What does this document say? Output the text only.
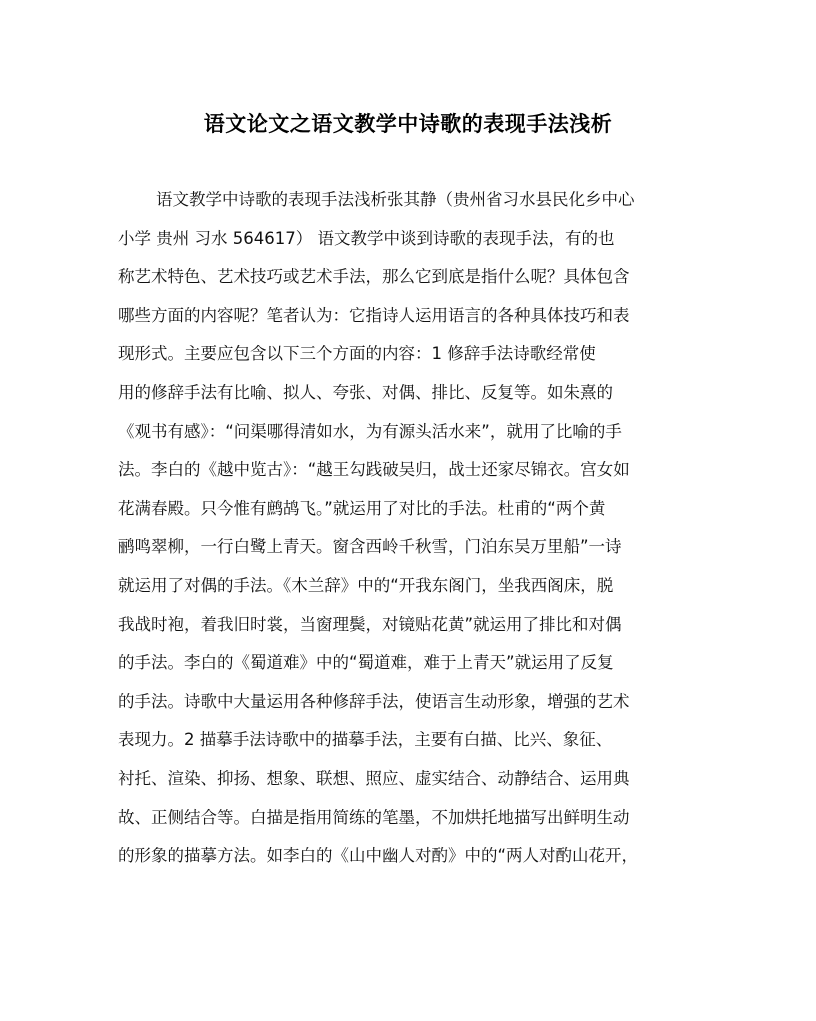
语文论文之语文教学中诗歌的表现手法浅析
语文教学中诗歌的表现手法浅析张其静（贵州省习水县民化乡中心
小学 贵州 习水 564617） 语文教学中谈到诗歌的表现手法，有的也
称艺术特色、艺术技巧或艺术手法，那么它到底是指什么呢？具体包含
哪些方面的内容呢？笔者认为：它指诗人运用语言的各种具体技巧和表
现形式。主要应包含以下三个方面的内容：1 修辞手法诗歌经常使
用的修辞手法有比喻、拟人、夸张、对偶、排比、反复等。如朱熹的
《观书有感》：“问渠哪得清如水，为有源头活水来”，就用了比喻的手
法。李白的《越中览古》：“越王勾践破吴归，战士还家尽锦衣。宫女如
花满春殿。只今惟有鹧鸪飞。”就运用了对比的手法。杜甫的“两个黄
鹂鸣翠柳，一行白鹭上青天。窗含西岭千秋雪，门泊东吴万里船”一诗
就运用了对偶的手法。《木兰辞》中的“开我东阁门，坐我西阁床，脱
我战时袍，着我旧时裳，当窗理鬓，对镜贴花黄”就运用了排比和对偶
的手法。李白的《蜀道难》中的“蜀道难，难于上青天”就运用了反复
的手法。诗歌中大量运用各种修辞手法，使语言生动形象，增强的艺术
表现力。2 描摹手法诗歌中的描摹手法，主要有白描、比兴、象征、
衬托、渲染、抑扬、想象、联想、照应、虚实结合、动静结合、运用典
故、正侧结合等。白描是指用简练的笔墨，不加烘托地描写出鲜明生动
的形象的描摹方法。如李白的《山中幽人对酌》中的“两人对酌山花开，
